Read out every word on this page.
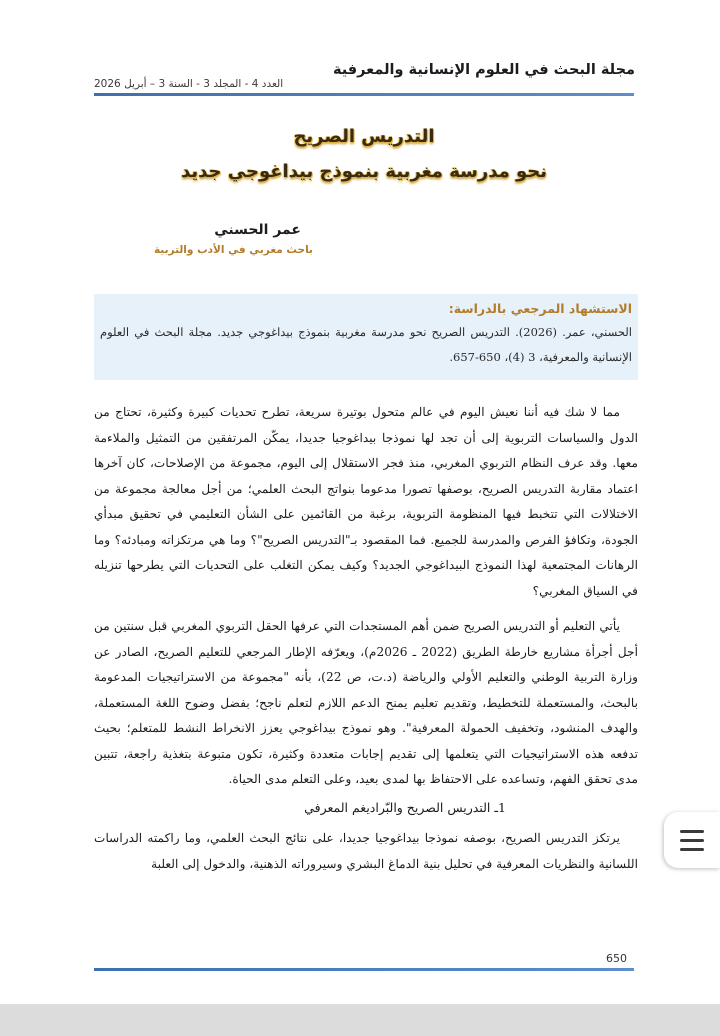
مجلة البحث في العلوم الإنسانية والمعرفية
العدد 4 - المجلد 3 - السنة 3 – أبريل 2026
التدريس الصريح
نحو مدرسة مغربية بنموذج بيداغوجي جديد
عمر الحسني
باحث مغربي في الأدب والتربية
الاستشهاد المرجعي بالدراسة:
الحسني، عمر. (2026). التدريس الصريح نحو مدرسة مغربية بنموذج بيداغوجي جديد. مجلة البحث في العلوم الإنسانية والمعرفية، 3 (4)، 650-657.

مما لا شك فيه أننا نعيش اليوم في عالم متحول بوتيرة سريعة، تطرح تحديات كبيرة وكثيرة، تحتاج من الدول والسياسات التربوية إلى أن تجد لها نموذجا بيداغوجيا جديدا، يمكّن المرتفقين من التمثيل والملاءمة معها. وقد عرف النظام التربوي المغربي، منذ فجر الاستقلال إلى اليوم، مجموعة من الإصلاحات، كان آخرها اعتماد مقاربة التدريس الصريح، بوصفها تصورا مدعوما بنواتج البحث العلمي؛ من أجل معالجة مجموعة من الاختلالات التي تتخبط فيها المنظومة التربوية، برغبة من القائمين على الشأن التعليمي في تحقيق مبدأي الجودة، وتكافؤ الفرص والمدرسة للجميع. فما المقصود بـ"التدريس الصريح"؟ وما هي مرتكزاته ومبادئه؟ وما الرهانات المجتمعية لهذا النموذج البيداغوجي الجديد؟ وكيف يمكن التغلب على التحديات التي يطرحها تنزيله في السياق المغربي؟

يأتي التعليم أو التدريس الصريح ضمن أهم المستجدات التي عرفها الحقل التربوي المغربي قبل سنتين من أجل أجرأة مشاريع خارطة الطريق (2022 ـ 2026م)، ويعرّفه الإطار المرجعي للتعليم الصريح، الصادر عن وزارة التربية الوطني والتعليم الأولي والرياضة (د.ت، ص 22)، بأنه "مجموعة من الاستراتيجيات المدعومة بالبحث، والمستعملة للتخطيط، وتقديم تعليم يمنح الدعم اللازم لتعلم ناجح؛ بفضل وضوح اللغة المستعملة، والهدف المنشود، وتخفيف الحمولة المعرفية". وهو نموذج بيداغوجي يعزز الانخراط النشط للمتعلم؛ بحيث تدفعه هذه الاستراتيجيات التي يتعلمها إلى تقديم إجابات متعددة وكثيرة، تكون متبوعة بتغذية راجعة، تتبين مدى تحقق الفهم، وتساعده على الاحتفاظ بها لمدى بعيد، وعلى التعلم مدى الحياة.

1ـ التدريس الصريح والبّراديغم المعرفي

يرتكز التدريس الصريح، بوصفه نموذجا بيداغوجيا جديدا، على نتائج البحث العلمي، وما راكمته الدراسات اللسانية والنظريات المعرفية في تحليل بنية الدماغ البشري وسيروراته الذهنية، والدخول إلى العلبة

650
